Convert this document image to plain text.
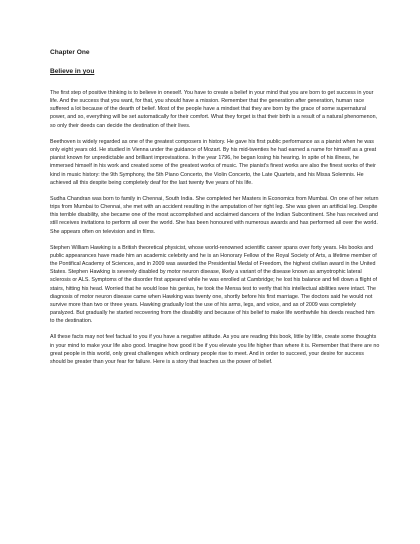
Chapter One
Believe in you

The first step of positive thinking is to believe in oneself. You have to create a belief in your mind that you are born to get success in your life. And the success that you want, for that, you should have a mission. Remember that the generation after generation, human race suffered a lot because of the dearth of belief. Most of the people have a mindset that they are born by the grace of some supernatural power, and so, everything will be set automatically for their comfort. What they forget is that their birth is a result of a natural phenomenon, so only their deeds can decide the destination of their lives.

Beethoven is widely regarded as one of the greatest composers in history. He gave his first public performance as a pianist when he was only eight years old. He studied in Vienna under the guidance of Mozart. By his mid-twenties he had earned a name for himself as a great pianist known for unpredictable and brilliant improvisations. In the year 1796, he began losing his hearing. In spite of his illness, he immersed himself in his work and created some of the greatest works of music. The pianist's finest works are also the finest works of their kind in music history: the 9th Symphony, the 5th Piano Concerto, the Violin Concerto, the Late Quartets, and his Missa Solemnis. He achieved all this despite being completely deaf for the last twenty five years of his life.

Sudha Chandran was born to family in Chennai, South India. She completed her Masters in Economics from Mumbai. On one of her return trips from Mumbai to Chennai, she met with an accident resulting in the amputation of her right leg. She was given an artificial leg. Despite this terrible disability, she became one of the most accomplished and acclaimed dancers of the Indian Subcontinent. She has received and still receives invitations to perform all over the world. She has been honoured with numerous awards and has performed all over the world. She appears often on television and in films.

Stephen William Hawking is a British theoretical physicist, whose world-renowned scientific career spans over forty years. His books and public appearances have made him an academic celebrity and he is an Honorary Fellow of the Royal Society of Arts, a lifetime member of the Pontifical Academy of Sciences, and in 2009 was awarded the Presidential Medal of Freedom, the highest civilian award in the United States. Stephen Hawking is severely disabled by motor neuron disease, likely a variant of the disease known as amyotrophic lateral sclerosis or ALS. Symptoms of the disorder first appeared while he was enrolled at Cambridge; he lost his balance and fell down a flight of stairs, hitting his head. Worried that he would lose his genius, he took the Mensa test to verify that his intellectual abilities were intact. The diagnosis of motor neuron disease came when Hawking was twenty one, shortly before his first marriage. The doctors said he would not survive more than two or three years. Hawking gradually lost the use of his arms, legs, and voice, and as of 2009 was completely paralyzed. But gradually he started recovering from the disability and because of his belief to make life worthwhile his deeds reached him to the destination.

All these facts may not feel factual to you if you have a negative attitude. As you are reading this book, little by little, create some thoughts in your mind to make your life also good. Imagine how good it be if you elevate you life higher than where it is. Remember that there are no great people in this world, only great challenges which ordinary people rise to meet. And in order to succeed, your desire for success should be greater than your fear for failure. Here is a story that teaches us the power of belief.
